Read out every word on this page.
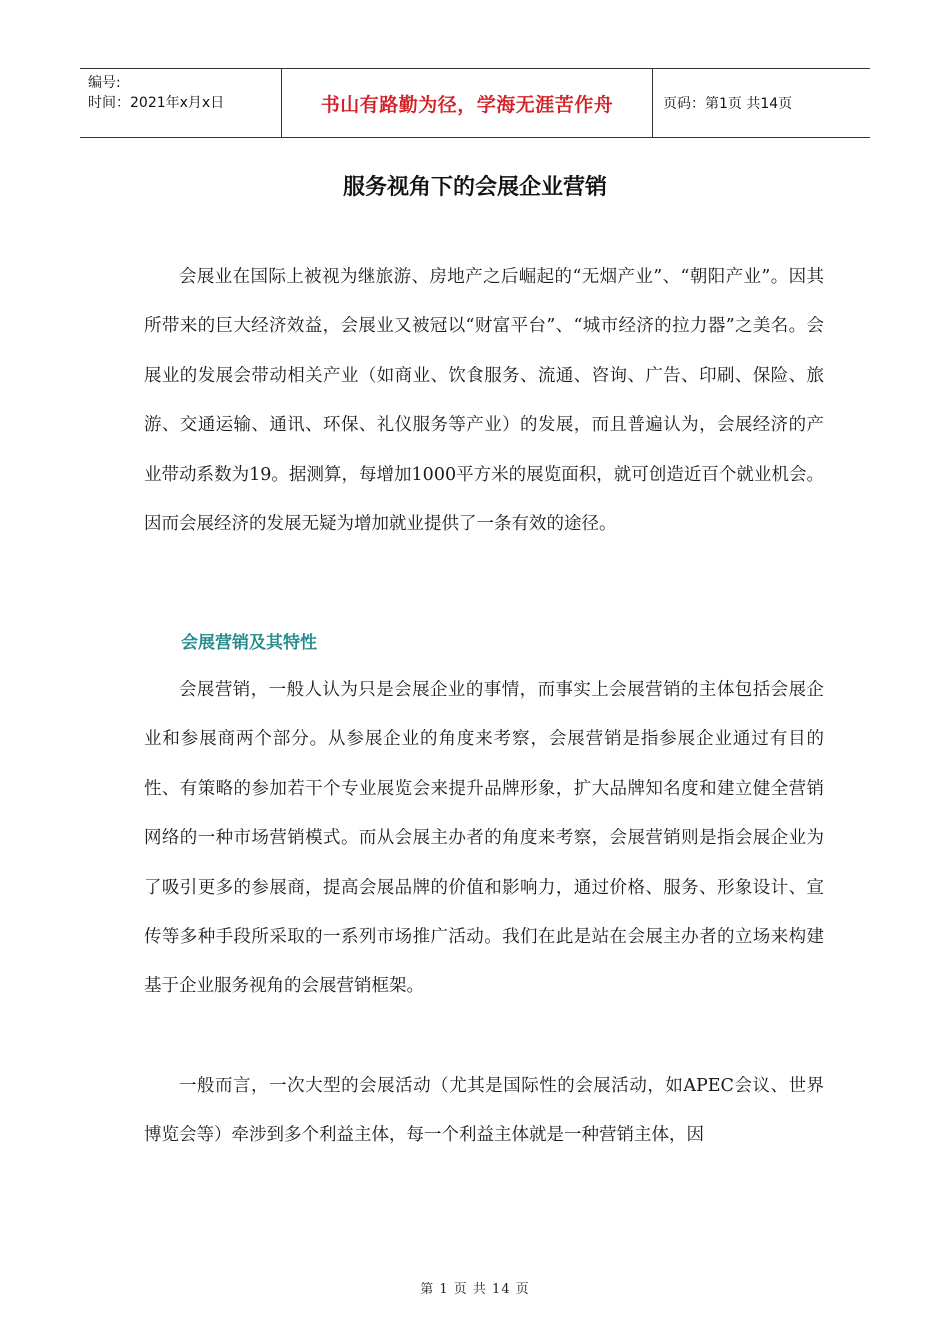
编号:
时间：2021年x月x日	书山有路勤为径，学海无涯苦作舟	页码：第1页 共14页
服务视角下的会展企业营销

会展业在国际上被视为继旅游、房地产之后崛起的“无烟产业”、“朝阳产业”。因其所带来的巨大经济效益，会展业又被冠以“财富平台”、“城市经济的拉力器”之美名。会展业的发展会带动相关产业（如商业、饮食服务、流通、咨询、广告、印刷、保险、旅游、交通运输、通讯、环保、礼仪服务等产业）的发展，而且普遍认为，会展经济的产业带动系数为19。据测算，每增加1000平方米的展览面积，就可创造近百个就业机会。因而会展经济的发展无疑为增加就业提供了一条有效的途径。

会展营销及其特性

会展营销，一般人认为只是会展企业的事情，而事实上会展营销的主体包括会展企业和参展商两个部分。从参展企业的角度来考察，会展营销是指参展企业通过有目的性、有策略的参加若干个专业展览会来提升品牌形象，扩大品牌知名度和建立健全营销网络的一种市场营销模式。而从会展主办者的角度来考察，会展营销则是指会展企业为了吸引更多的参展商，提高会展品牌的价值和影响力，通过价格、服务、形象设计、宣传等多种手段所采取的一系列市场推广活动。我们在此是站在会展主办者的立场来构建基于企业服务视角的会展营销框架。

一般而言，一次大型的会展活动（尤其是国际性的会展活动，如APEC会议、世界博览会等）牵涉到多个利益主体，每一个利益主体就是一种营销主体，因

第 1 页 共 14 页
